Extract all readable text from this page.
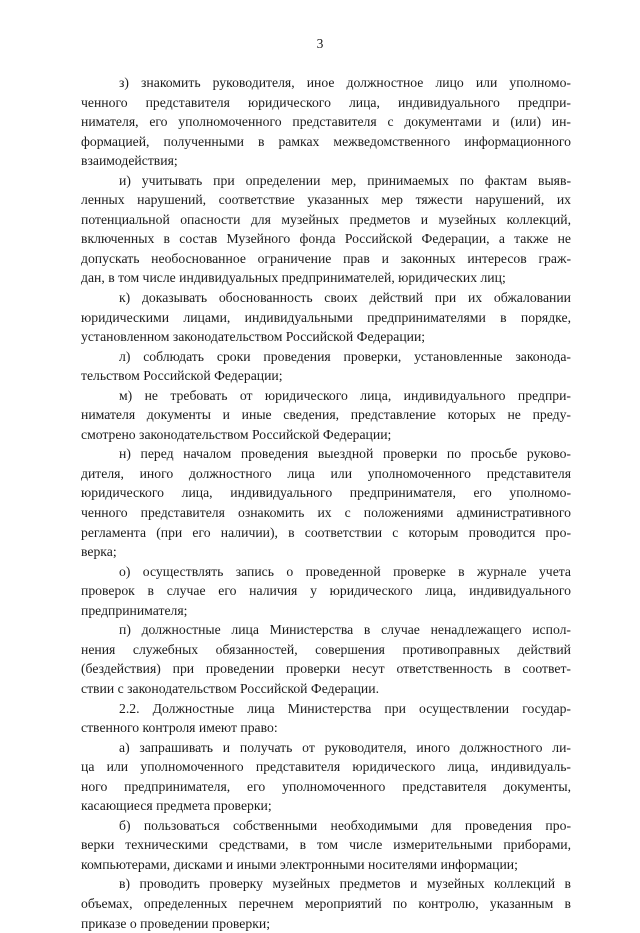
3
з) знакомить руководителя, иное должностное лицо или уполномо-
ченного представителя юридического лица, индивидуального предпри-
нимателя, его уполномоченного представителя с документами и (или) ин-
формацией, полученными в рамках межведомственного информационного
взаимодействия;
и) учитывать при определении мер, принимаемых по фактам выяв-
ленных нарушений, соответствие указанных мер тяжести нарушений, их
потенциальной опасности для музейных предметов и музейных коллекций,
включенных в состав Музейного фонда Российской Федерации, а также не
допускать необоснованное ограничение прав и законных интересов граж-
дан, в том числе индивидуальных предпринимателей, юридических лиц;
к) доказывать обоснованность своих действий при их обжаловании
юридическими лицами, индивидуальными предпринимателями в порядке,
установленном законодательством Российской Федерации;
л) соблюдать сроки проведения проверки, установленные законода-
тельством Российской Федерации;
м) не требовать от юридического лица, индивидуального предпри-
нимателя документы и иные сведения, представление которых не преду-
смотрено законодательством Российской Федерации;
н) перед началом проведения выездной проверки по просьбе руково-
дителя, иного должностного лица или уполномоченного представителя
юридического лица, индивидуального предпринимателя, его уполномо-
ченного представителя ознакомить их с положениями административного
регламента (при его наличии), в соответствии с которым проводится про-
верка;
о) осуществлять запись о проведенной проверке в журнале учета
проверок в случае его наличия у юридического лица, индивидуального
предпринимателя;
п) должностные лица Министерства в случае ненадлежащего испол-
нения служебных обязанностей, совершения противоправных действий
(бездействия) при проведении проверки несут ответственность в соответ-
ствии с законодательством Российской Федерации.
2.2. Должностные лица Министерства при осуществлении государ-
ственного контроля имеют право:
а) запрашивать и получать от руководителя, иного должностного ли-
ца или уполномоченного представителя юридического лица, индивидуаль-
ного предпринимателя, его уполномоченного представителя документы,
касающиеся предмета проверки;
б) пользоваться собственными необходимыми для проведения про-
верки техническими средствами, в том числе измерительными приборами,
компьютерами, дисками и иными электронными носителями информации;
в) проводить проверку музейных предметов и музейных коллекций в
объемах, определенных перечнем мероприятий по контролю, указанным в
приказе о проведении проверки;
